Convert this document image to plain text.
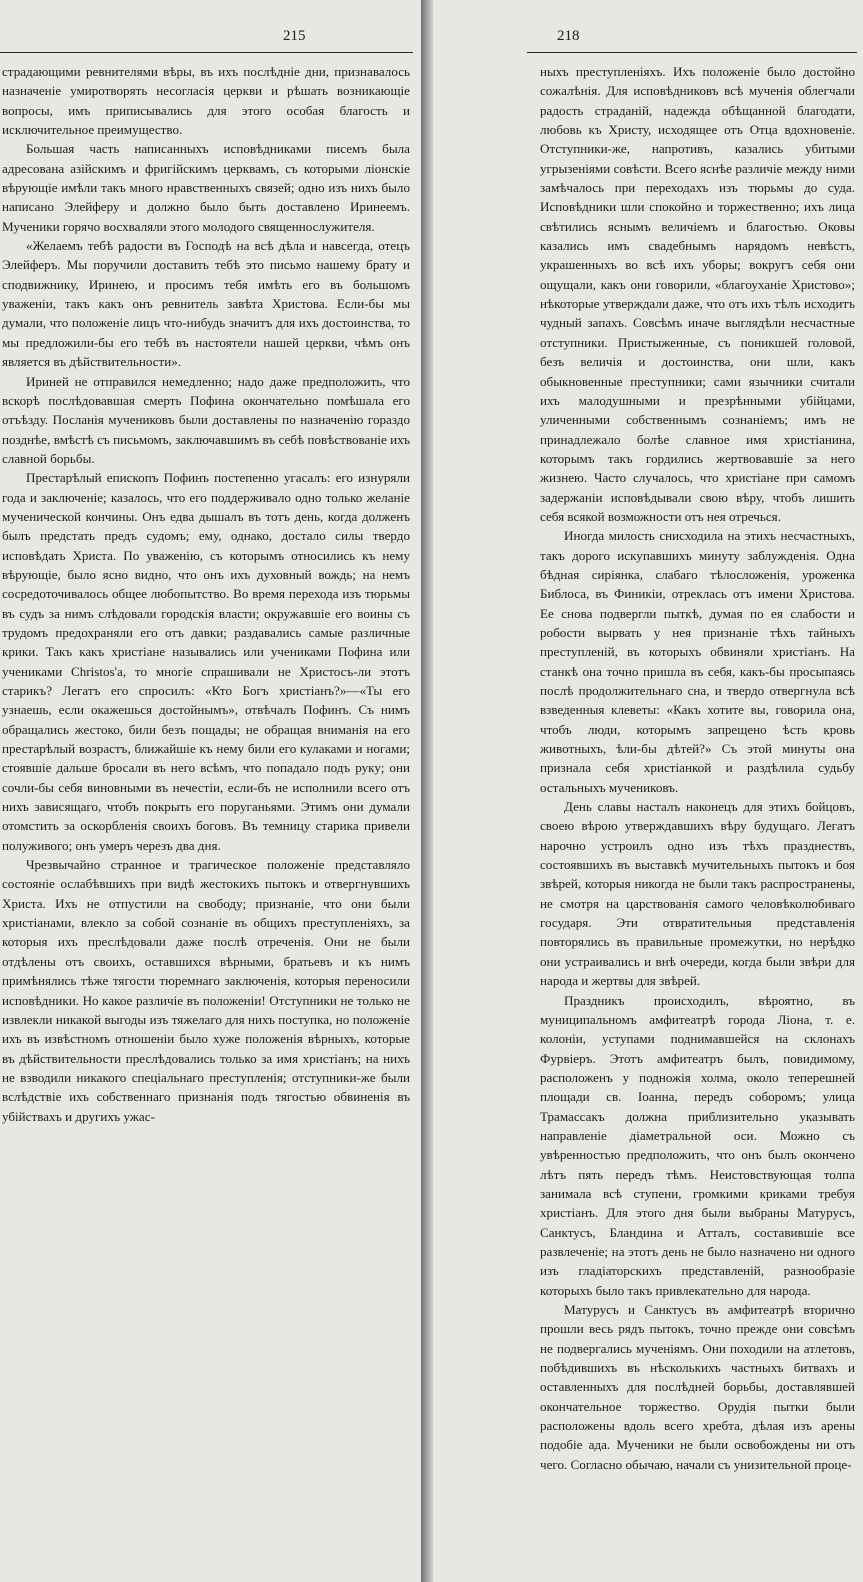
215

страдающими ревнителями вѣры, въ ихъ послѣдніе дни, признавалось назначеніе умиротворять несогласія церкви и рѣшать возникающіе вопросы, имъ приписывались для этого особая благость и исключительное преимущество.

Большая часть написанныхъ исповѣдниками писемъ была адресована азійскимъ и фригійскимъ церквамъ, съ которыми ліонскіе вѣрующіе имѣли такъ много нравственныхъ связей; одно изъ нихъ было написано Элейферу и должно было быть доставлено Иринеемъ. Мученики горячо восхваляли этого молодого священнослужителя.

«Желаемъ тебѣ радости въ Господѣ на всѣ дѣла и навсегда, отецъ Элейферъ. Мы поручили доставить тебѣ это письмо нашему брату и сподвижнику, Иринею, и просимъ тебя имѣть его въ большомъ уваженіи, такъ какъ онъ ревнитель завѣта Христова. Если-бы мы думали, что положеніе лицъ что-нибудь значитъ для ихъ достоинства, то мы предложили-бы его тебѣ въ настоятели нашей церкви, чѣмъ онъ является въ дѣйствительности».

Ириней не отправился немедленно; надо даже предположить, что вскорѣ послѣдовавшая смерть Пофина окончательно помѣшала его отъѣзду. Посланія мучениковъ были доставлены по назначенію гораздо позднѣе, вмѣстѣ съ письмомъ, заключавшимъ въ себѣ повѣствованіе ихъ славной борьбы.

Престарѣлый епископъ Пофинъ постепенно угасалъ: его изнуряли года и заключеніе; казалось, что его поддерживало одно только желаніе мученической кончины. Онъ едва дышалъ въ тотъ день, когда долженъ былъ предстать предъ судомъ; ему, однако, достало силы твердо исповѣдать Христа. По уваженію, съ которымъ относились къ нему вѣрующіе, было ясно видно, что онъ ихъ духовный вождь; на немъ сосредоточивалось общее любопытство. Во время перехода изъ тюрьмы въ судъ за нимъ слѣдовали городскія власти; окружавшіе его воины съ трудомъ предохраняли его отъ давки; раздавались самые различные крики. Такъ какъ христіане назывались или учениками Пофина или учениками Christos'а, то многіе спрашивали не Христосъ-ли этотъ старикъ? Легатъ его спросилъ: «Кто Богъ христіанъ?»—«Ты его узнаешь, если окажешься достойнымъ», отвѣчалъ Пофинъ. Съ нимъ обращались жестоко, били безъ пощады; не обращая вниманія на его престарѣлый возрастъ, ближайшіе къ нему били его кулаками и ногами; стоявшіе дальше бросали въ него всѣмъ, что попадало подъ руку; они сочли-бы себя виновными въ нечестіи, если-бъ не исполнили всего отъ нихъ зависящаго, чтобъ покрыть его поруганьями. Этимъ они думали отомстить за оскорбленія своихъ боговъ. Въ темницу старика привели полуживого; онъ умеръ черезъ два дня.

Чрезвычайно странное и трагическое положеніе представляло состояніе ослабѣвшихъ при видѣ жестокихъ пытокъ и отвергнувшихъ Христа. Ихъ не отпустили на свободу; признаніе, что они были христіанами, влекло за собой сознаніе въ общихъ преступленіяхъ, за которыя ихъ преслѣдовали даже послѣ отреченія. Они не были отдѣлены отъ своихъ, оставшихся вѣрными, братьевъ и къ нимъ примѣнялись тѣже тягости тюремнаго заключенія, которыя переносили исповѣдники. Но какое различіе въ положеніи! Отступники не только не извлекли никакой выгоды изъ тяжелаго для нихъ поступка, но положеніе ихъ въ извѣстномъ отношеніи было хуже положенія вѣрныхъ, которые въ дѣйствительности преслѣдовались только за имя христіанъ; на нихъ не взводили никакого спеціальнаго преступленія; отступники-же были вслѣдствіе ихъ собственнаго признанія подъ тягостью обвиненія въ убійствахъ и другихъ ужас-

218

ныхъ преступленіяхъ. Ихъ положеніе было достойно сожалѣнія. Для исповѣдниковъ всѣ мученія облегчали радость страданій, надежда обѣщанной благодати, любовь къ Христу, исходящее отъ Отца вдохновеніе. Отступники-же, напротивъ, казались убитыми угрызеніями совѣсти. Всего яснѣе различіе между ними замѣчалось при переходахъ изъ тюрьмы до суда. Исповѣдники шли спокойно и торжественно; ихъ лица свѣтились яснымъ величіемъ и благостью. Оковы казались имъ свадебнымъ нарядомъ невѣстъ, украшенныхъ во всѣ ихъ уборы; вокругъ себя они ощущали, какъ они говорили, «благоуханіе Христово»; нѣкоторые утверждали даже, что отъ ихъ тѣлъ исходитъ чудный запахъ. Совсѣмъ иначе выглядѣли несчастные отступники. Пристыженные, съ поникшей головой, безъ величія и достоинства, они шли, какъ обыкновенные преступники; сами язычники считали ихъ малодушными и презрѣнными убійцами, уличенными собственнымъ сознаніемъ; имъ не принадлежало болѣе славное имя христіанина, которымъ такъ гордились жертвовавшіе за него жизнею. Часто случалось, что христіане при самомъ задержаніи исповѣдывали свою вѣру, чтобъ лишить себя всякой возможности отъ нея отречься.

Иногда милость снисходила на этихъ несчастныхъ, такъ дорого искупавшихъ минуту заблужденія. Одна бѣдная сиріянка, слабаго тѣлосложенія, уроженка Библоса, въ Финикіи, отреклась отъ имени Христова. Ее снова подвергли пыткѣ, думая по ея слабости и робости вырвать у нея признаніе тѣхъ тайныхъ преступленій, въ которыхъ обвиняли христіанъ. На станкѣ она точно пришла въ себя, какъ-бы просыпаясь послѣ продолжительнаго сна, и твердо отвергнула всѣ взведенныя клеветы: «Какъ хотите вы, говорила она, чтобъ люди, которымъ запрещено ѣсть кровь животныхъ, ѣли-бы дѣтей?» Съ этой минуты она признала себя христіанкой и раздѣлила судьбу остальныхъ мучениковъ.

День славы насталъ наконецъ для этихъ бойцовъ, своею вѣрою утверждавшихъ вѣру будущаго. Легатъ нарочно устроилъ одно изъ тѣхъ празднествъ, состоявшихъ въ выставкѣ мучительныхъ пытокъ и боя звѣрей, которыя никогда не были такъ распространены, не смотря на царствованія самого человѣколюбиваго государя. Эти отвратительныя представленія повторялись въ правильные промежутки, но нерѣдко они устраивались и внѣ очереди, когда были звѣри для народа и жертвы для звѣрей.

Праздникъ происходилъ, вѣроятно, въ муниципальномъ амфитеатрѣ города Ліона, т. е. колоніи, уступами поднимавшейся на склонахъ Фурвіеръ. Этотъ амфитеатръ былъ, повидимому, расположенъ у подножія холма, около теперешней площади св. Іоанна, передъ соборомъ; улица Трамассакъ должна приблизительно указывать направленіе діаметральной оси. Можно съ увѣренностью предположить, что онъ былъ окончено лѣтъ пять передъ тѣмъ. Неистовствующая толпа занимала всѣ ступени, громкими криками требуя христіанъ. Для этого дня были выбраны Матурусъ, Санктусъ, Бландина и Атталъ, составившіе все развлеченіе; на этотъ день не было назначено ни одного изъ гладіаторскихъ представленій, разнообразіе которыхъ было такъ привлекательно для народа.

Матурусъ и Санктусъ въ амфитеатрѣ вторично прошли весь рядъ пытокъ, точно прежде они совсѣмъ не подвергались мученіямъ. Они походили на атлетовъ, побѣдившихъ въ нѣсколькихъ частныхъ битвахъ и оставленныхъ для послѣдней борьбы, доставлявшей окончательное торжество. Орудія пытки были расположены вдоль всего хребта, дѣлая изъ арены подобіе ада. Мученики не были освобождены ни отъ чего. Согласно обычаю, начали съ унизительной проце-
